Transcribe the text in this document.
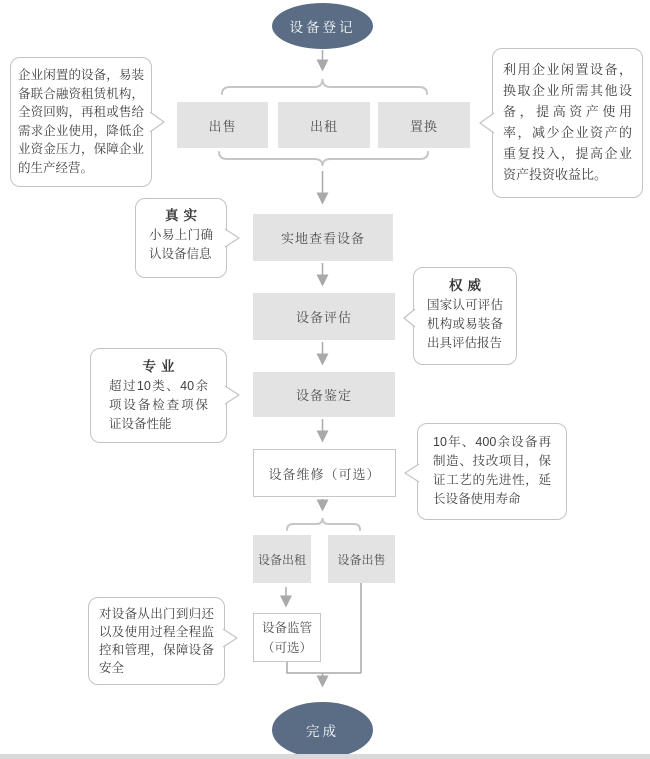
设备登记
出售	出租	置换
实地查看设备
设备评估
设备鉴定
设备维修（可选）
设备出租	设备出售
设备监管
（可选）
完成
企业闲置的设备，易装备联合融资租赁机构，全资回购，再租或售给需求企业使用，降低企业资金压力，保障企业的生产经营。
利用企业闲置设备，换取企业所需其他设备，提高资产使用率，减少企业资产的重复投入，提高企业资产投资收益比。
真实
小易上门确认设备信息
权威
国家认可评估机构或易装备出具评估报告
专业
超过10类、40余项设备检查项保证设备性能
10年、400余设备再制造、技改项目，保证工艺的先进性，延长设备使用寿命
对设备从出门到归还以及使用过程全程监控和管理，保障设备安全
